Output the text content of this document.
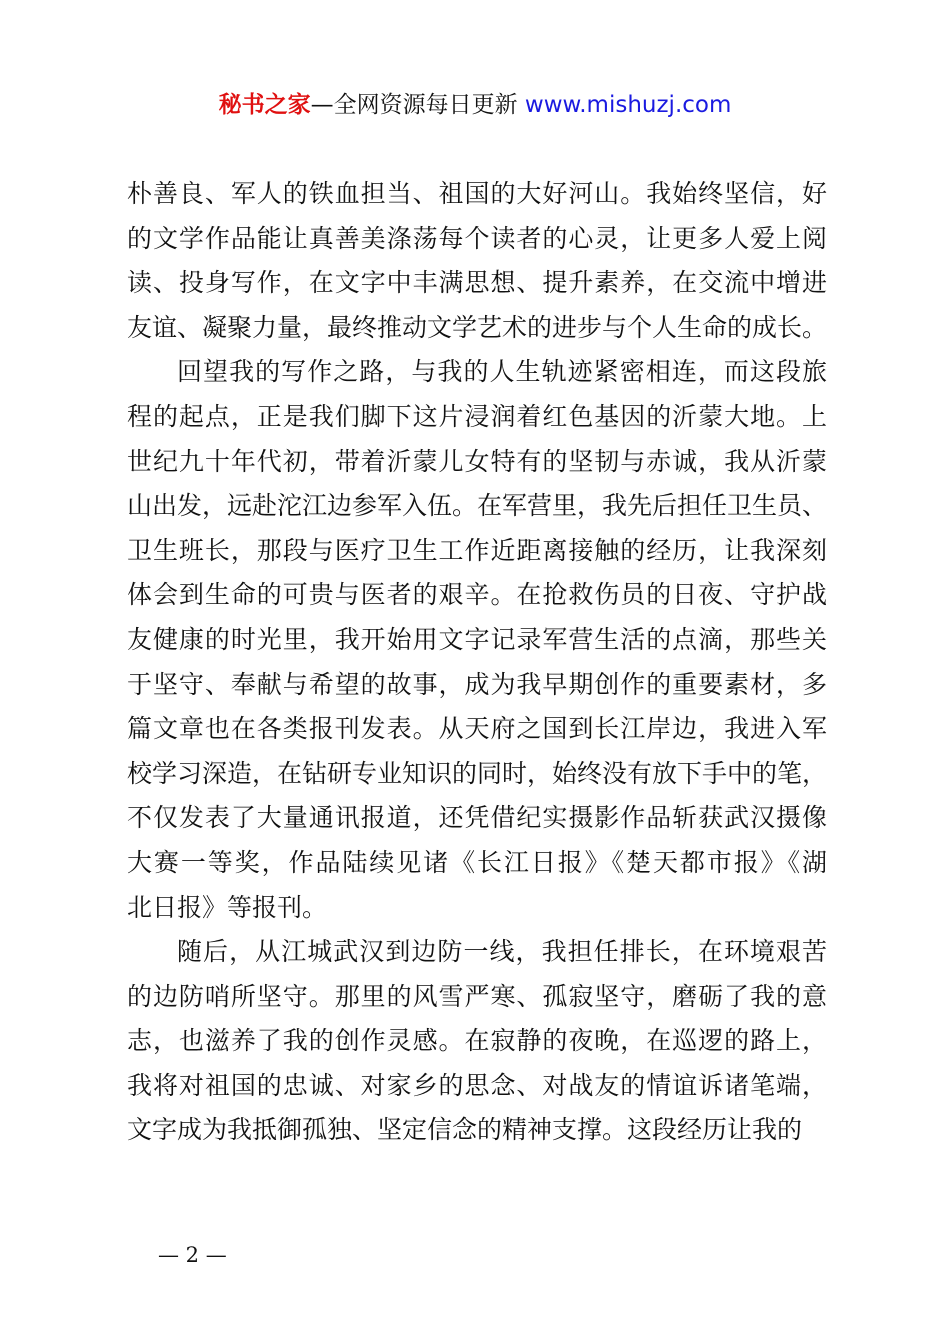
秘书之家—全网资源每日更新 www.mishuzj.com
朴善良、军人的铁血担当、祖国的大好河山。我始终坚信，好
的文学作品能让真善美涤荡每个读者的心灵，让更多人爱上阅
读、投身写作，在文字中丰满思想、提升素养，在交流中增进
友谊、凝聚力量，最终推动文学艺术的进步与个人生命的成长。
回望我的写作之路，与我的人生轨迹紧密相连，而这段旅
程的起点，正是我们脚下这片浸润着红色基因的沂蒙大地。上
世纪九十年代初，带着沂蒙儿女特有的坚韧与赤诚，我从沂蒙
山出发，远赴沱江边参军入伍。在军营里，我先后担任卫生员、
卫生班长，那段与医疗卫生工作近距离接触的经历，让我深刻
体会到生命的可贵与医者的艰辛。在抢救伤员的日夜、守护战
友健康的时光里，我开始用文字记录军营生活的点滴，那些关
于坚守、奉献与希望的故事，成为我早期创作的重要素材，多
篇文章也在各类报刊发表。从天府之国到长江岸边，我进入军
校学习深造，在钻研专业知识的同时，始终没有放下手中的笔，
不仅发表了大量通讯报道，还凭借纪实摄影作品斩获武汉摄像
大赛一等奖，作品陆续见诸《长江日报》《楚天都市报》《湖
北日报》等报刊。
随后，从江城武汉到边防一线，我担任排长，在环境艰苦
的边防哨所坚守。那里的风雪严寒、孤寂坚守，磨砺了我的意
志，也滋养了我的创作灵感。在寂静的夜晚，在巡逻的路上，
我将对祖国的忠诚、对家乡的思念、对战友的情谊诉诸笔端，
文字成为我抵御孤独、坚定信念的精神支撑。这段经历让我的
— 2 —
